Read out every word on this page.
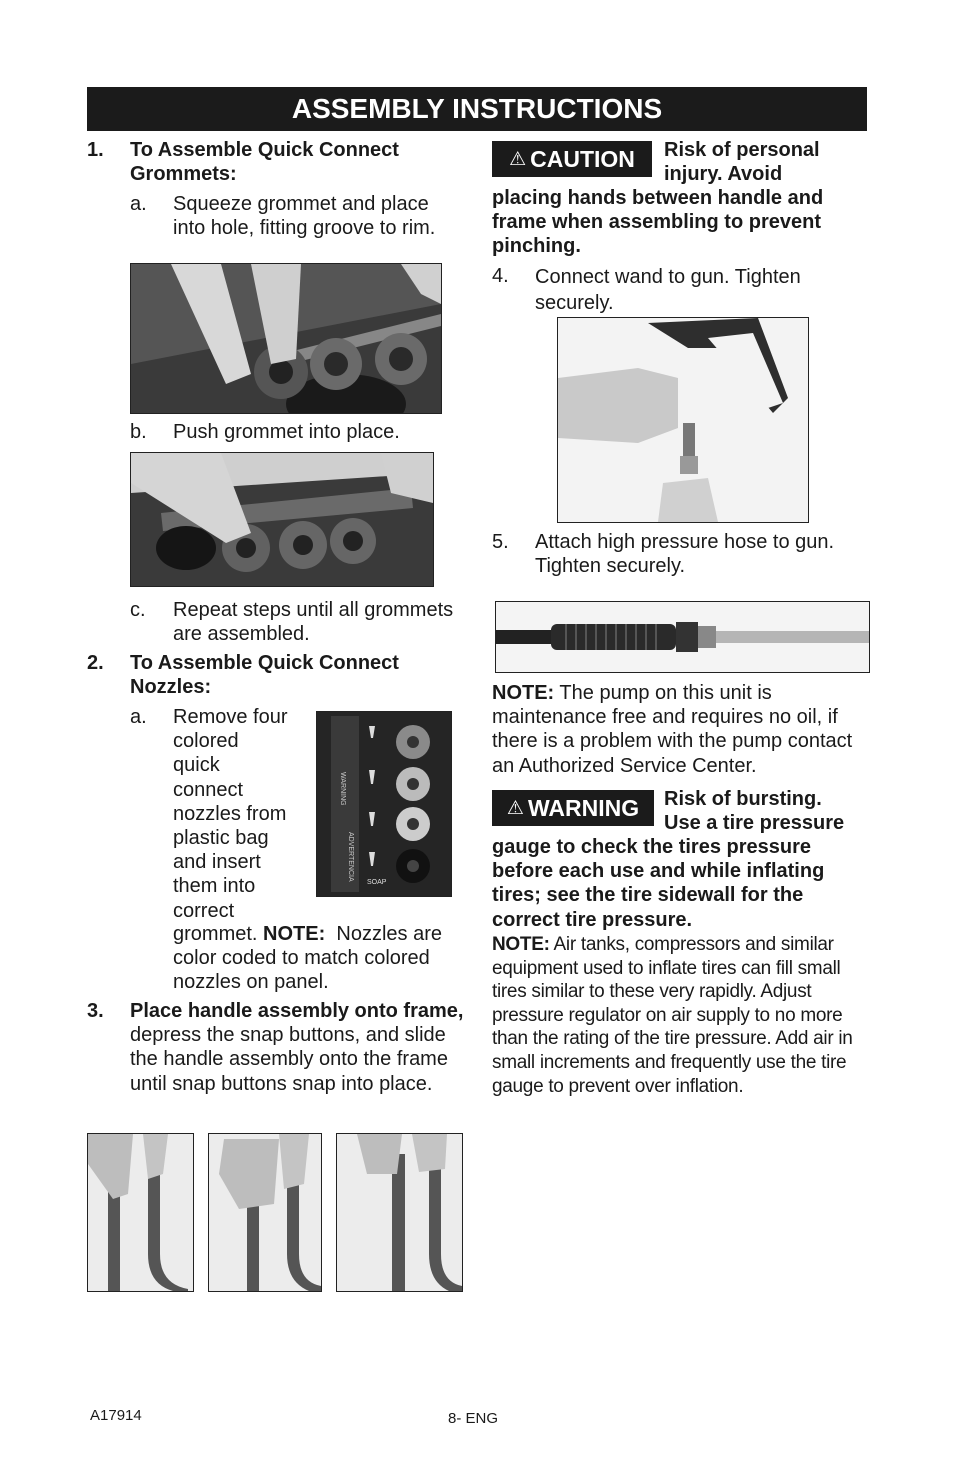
ASSEMBLY INSTRUCTIONS
1. To Assemble Quick Connect Grommets:
a. Squeeze grommet and place into hole, fitting groove to rim.
b. Push grommet into place.
c. Repeat steps until all grommets are assembled.
2. To Assemble Quick Connect Nozzles:
a. Remove four
colored
quick
connect
nozzles from
plastic bag
and insert
them into
correct
grommet. NOTE: Nozzles are color coded to match colored nozzles on panel.
WARNING
ADVERTENCIA
SOAP
3. Place handle assembly onto frame, depress the snap buttons, and slide the handle assembly onto the frame until snap buttons snap into place.
⚠ CAUTION Risk of personal
injury. Avoid
placing hands between handle and frame when assembling to prevent pinching.
4. Connect wand to gun. Tighten securely.
5. Attach high pressure hose to gun. Tighten securely.
NOTE: The pump on this unit is maintenance free and requires no oil, if there is a problem with the pump contact an Authorized Service Center.
⚠ WARNING Risk of bursting.
Use a tire pressure
gauge to check the tires pressure before each use and while inflating tires; see the tire sidewall for the correct tire pressure.
NOTE: Air tanks, compressors and similar equipment used to inflate tires can fill small tires similar to these very rapidly. Adjust pressure regulator on air supply to no more than the rating of the tire pressure. Add air in small increments and frequently use the tire gauge to prevent over inflation.
A17914	8- ENG
